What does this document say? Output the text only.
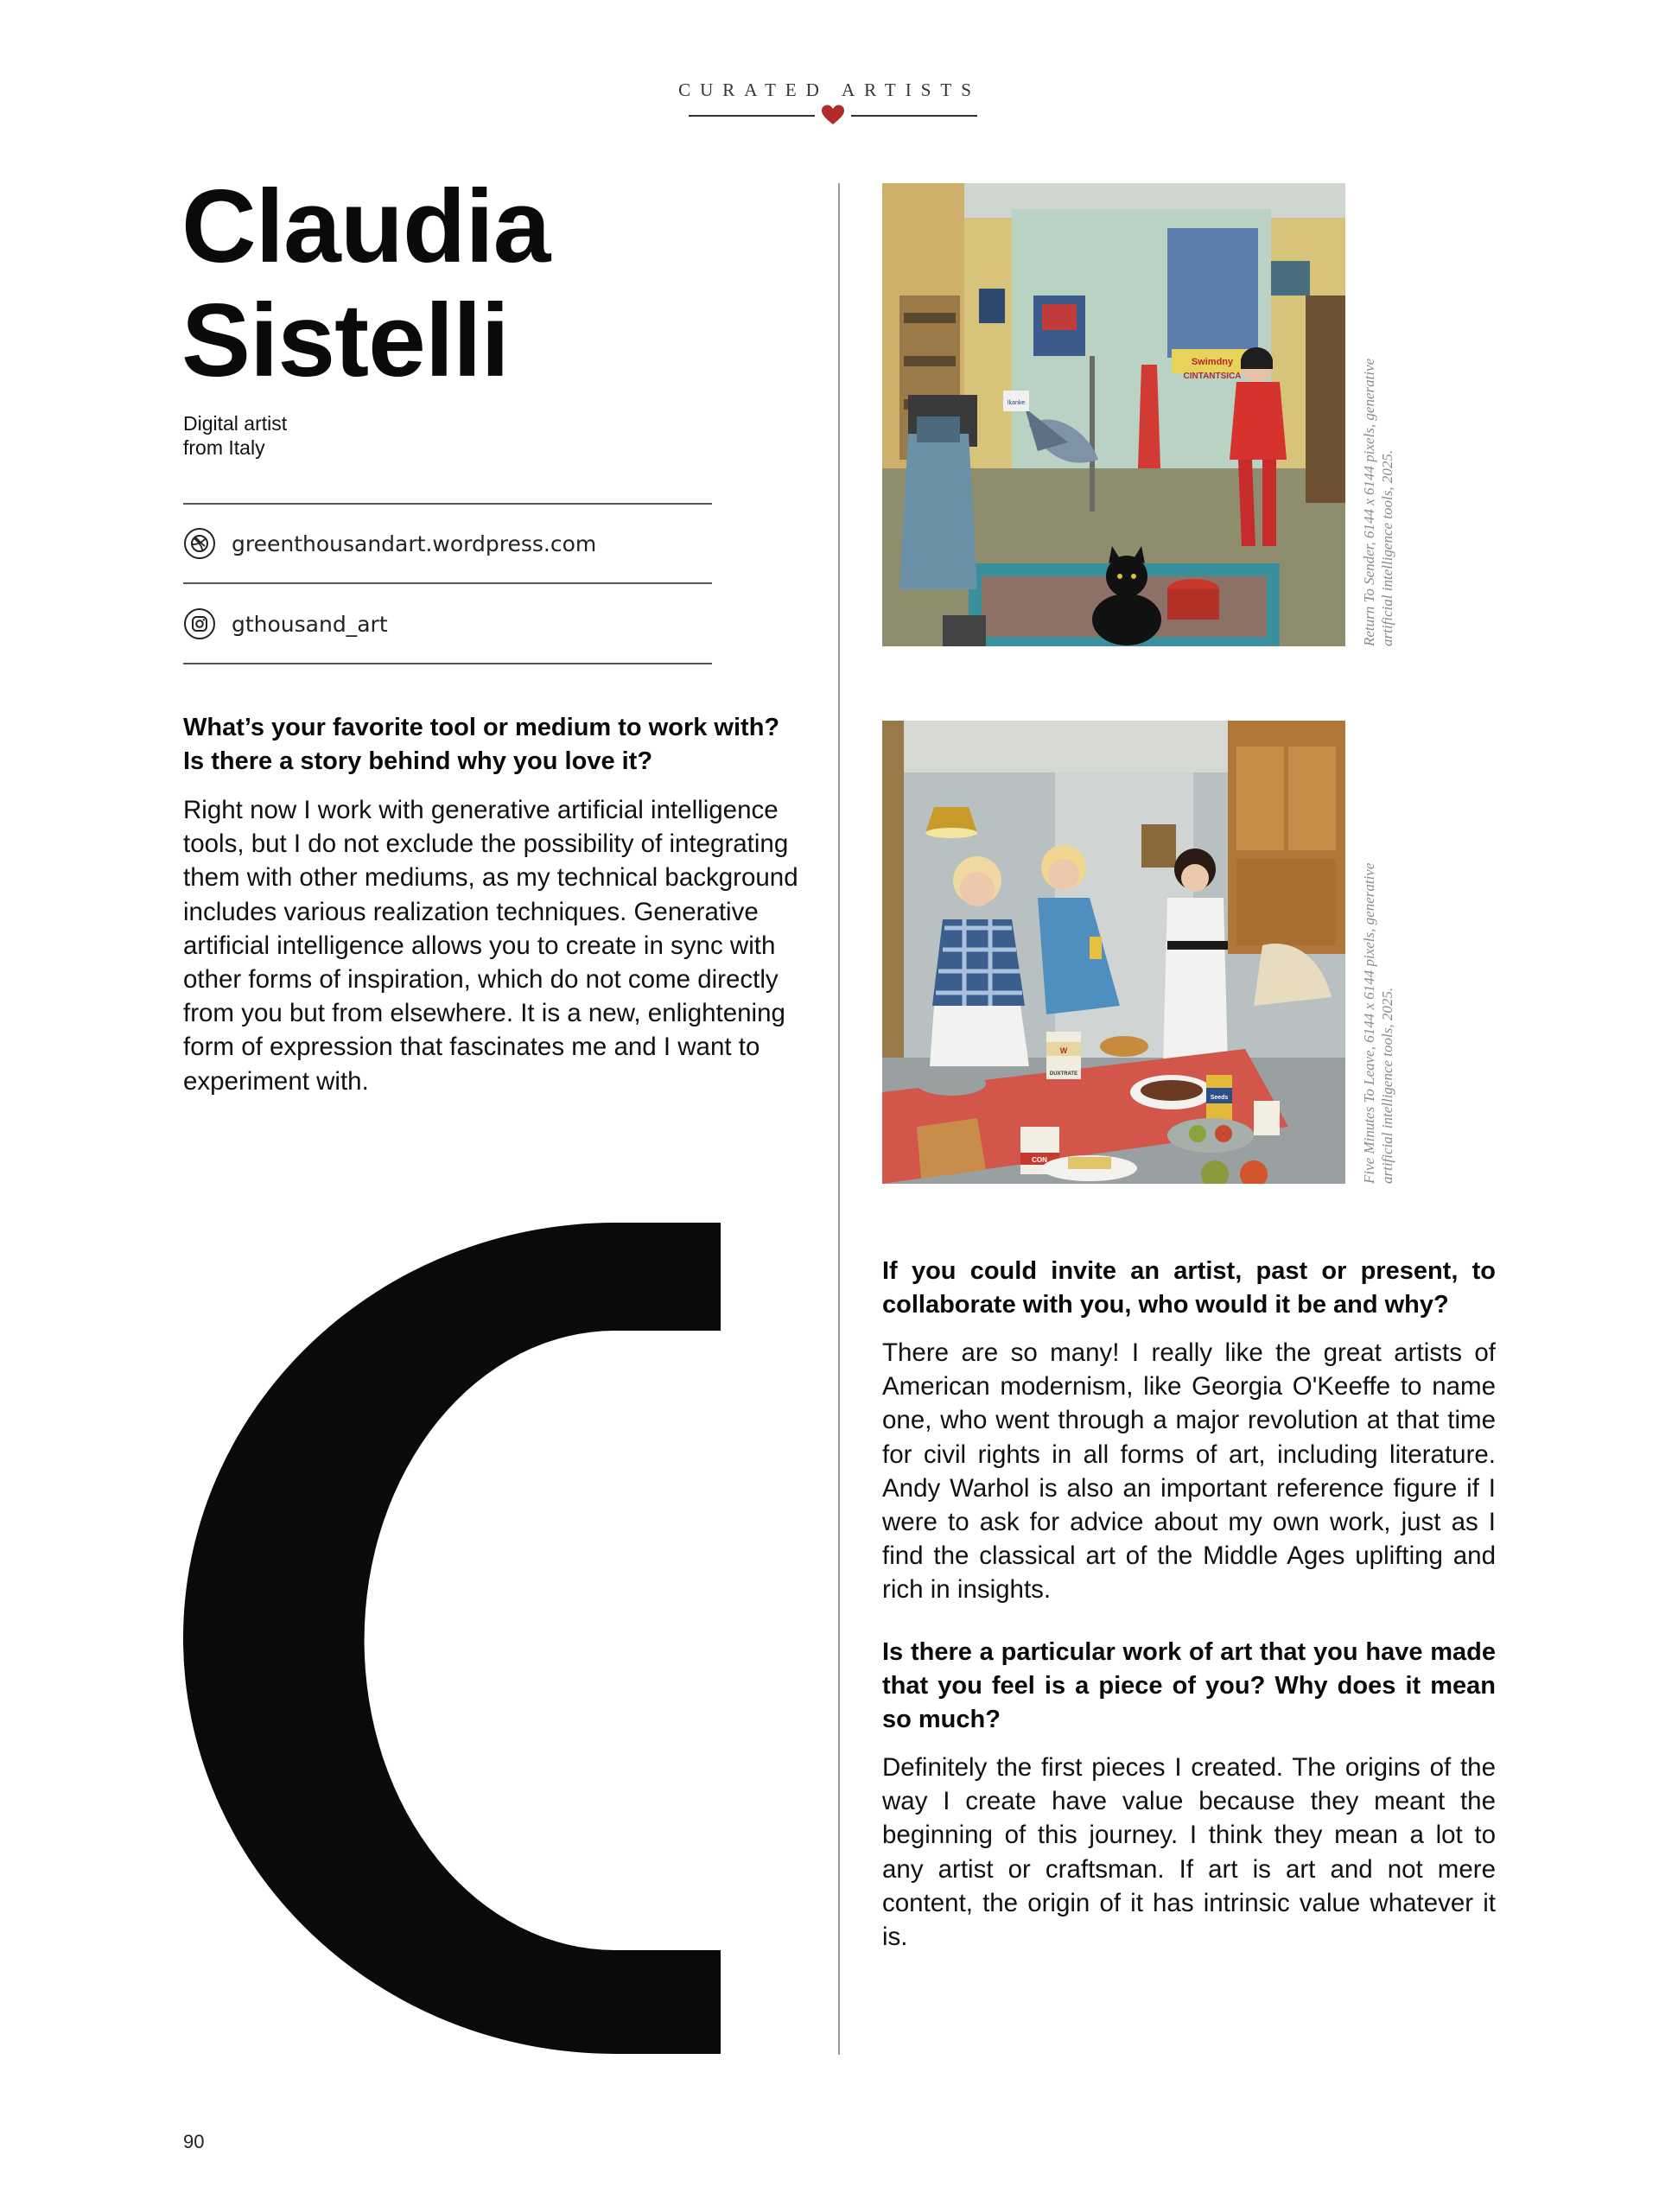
CURATED ARTISTS
Claudia
Sistelli
Digital artist
from Italy
greenthousandart.wordpress.com
gthousand_art

What’s your favorite tool or medium to work with? Is there a story behind why you love it?

Right now I work with generative artificial intelligence tools, but I do not exclude the possibility of integrating them with other mediums, as my technical background includes various realization techniques. Generative artificial intelligence allows you to create in sync with other forms of inspiration, which do not come directly from you but from elsewhere. It is a new, enlightening form of expression that fascinates me and I want to experiment with.

Swimdny
CINTANTSICA
Ikanke	Return To Sender, 6144 x 6144 pixels, generative artificial intelligence tools, 2025.
W
DUXTRATE
Seeds
CON	Five Minutes To Leave, 6144 x 6144 pixels, generative artificial intelligence tools, 2025.

If you could invite an artist, past or present, to collaborate with you, who would it be and why?

There are so many! I really like the great artists of American modernism, like Georgia O'Keeffe to name one, who went through a major revolution at that time for civil rights in all forms of art, including literature. Andy Warhol is also an important reference figure if I were to ask for advice about my own work, just as I find the classical art of the Middle Ages uplifting and rich in insights.

Is there a particular work of art that you have made that you feel is a piece of you? Why does it mean so much?

Definitely the first pieces I created. The origins of the way I create have value because they meant the beginning of this journey. I think they mean a lot to any artist or craftsman. If art is art and not mere content, the origin of it has intrinsic value whatever it is.

90
